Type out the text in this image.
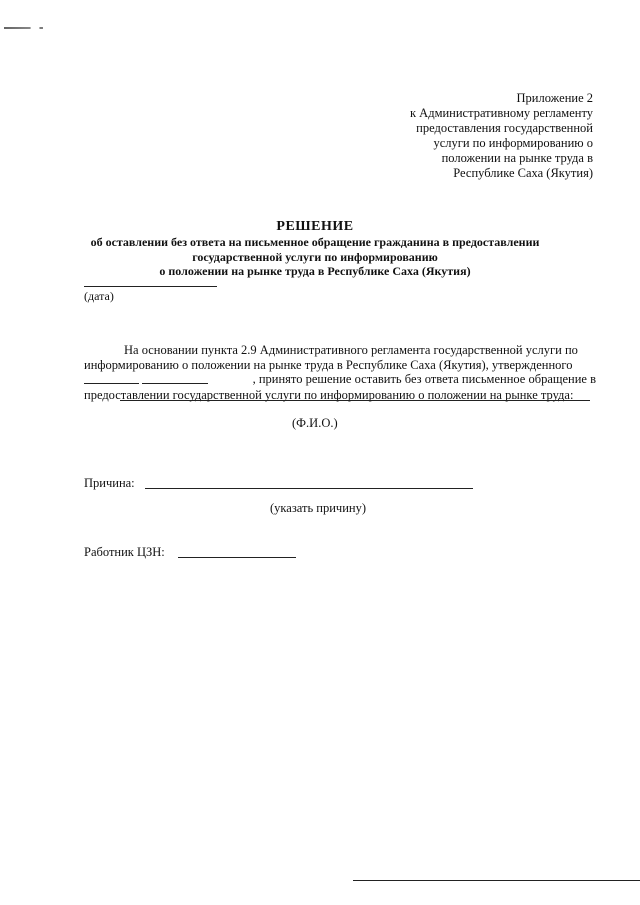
Приложение 2
к Административному регламенту
предоставления государственной
услуги по информированию о
положении на рынке труда в
Республике Саха (Якутия)
РЕШЕНИЕ
об оставлении без ответа на письменное обращение гражданина в предоставлении
государственной услуги по информированию
о положении на рынке труда в Республике Саха (Якутия)
(дата)
На основании пункта 2.9 Административного регламента государственной услуги по
информированию о положении на рынке труда в Республике Саха (Якутия), утвержденного
, принято решение оставить без ответа письменное обращение в
предоставлении государственной услуги по информированию о положении на рынке труда:
(Ф.И.О.)
Причина:
(указать причину)
Работник ЦЗН:
